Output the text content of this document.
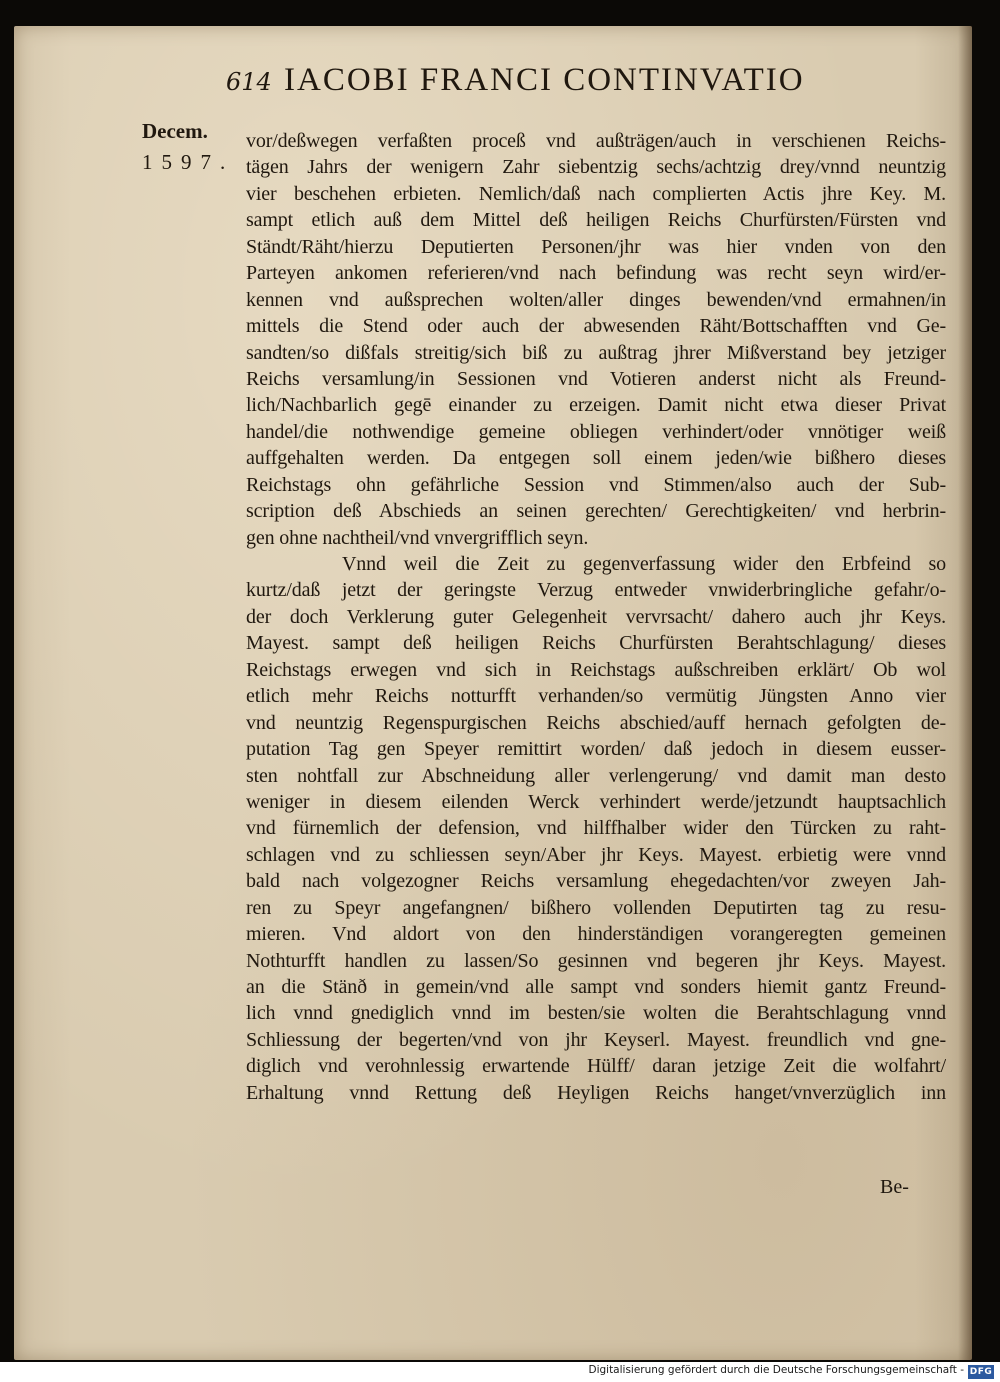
614 IACOBI FRANCI CONTINVATIO
Decem.
1597.
vor/deßwegen verfaßten proceß vnd außträgen/auch in verschienen Reichs-
tägen Jahrs der wenigern Zahr siebentzig sechs/achtzig drey/vnnd neuntzig
vier beschehen erbieten. Nemlich/daß nach complierten Actis jhre Key. M.
sampt etlich auß dem Mittel deß heiligen Reichs Churfürsten/Fürsten vnd
Ständt/Räht/hierzu Deputierten Personen/jhr was hier vnden von den
Parteyen ankomen referieren/vnd nach befindung was recht seyn wird/er-
kennen vnd außsprechen wolten/aller dinges bewenden/vnd ermahnen/in
mittels die Stend oder auch der abwesenden Räht/Bottschafften vnd Ge-
sandten/so dißfals streitig/sich biß zu außtrag jhrer Mißverstand bey jetziger
Reichs versamlung/in Sessionen vnd Votieren anderst nicht als Freund-
lich/Nachbarlich gegē einander zu erzeigen. Damit nicht etwa dieser Privat
handel/die nothwendige gemeine obliegen verhindert/oder vnnötiger weiß
auffgehalten werden. Da entgegen soll einem jeden/wie bißhero dieses
Reichstags ohn gefährliche Session vnd Stimmen/also auch der Sub-
scription deß Abschieds an seinen gerechten/ Gerechtigkeiten/ vnd herbrin-
gen ohne nachtheil/vnd vnvergrifflich seyn.
Vnnd weil die Zeit zu gegenverfassung wider den Erbfeind so
kurtz/daß jetzt der geringste Verzug entweder vnwiderbringliche gefahr/o-
der doch Verklerung guter Gelegenheit vervrsacht/ dahero auch jhr Keys.
Mayest. sampt deß heiligen Reichs Churfürsten Berahtschlagung/ dieses
Reichstags erwegen vnd sich in Reichstags außschreiben erklärt/ Ob wol
etlich mehr Reichs notturfft verhanden/so vermütig Jüngsten Anno vier
vnd neuntzig Regenspurgischen Reichs abschied/auff hernach gefolgten de-
putation Tag gen Speyer remittirt worden/ daß jedoch in diesem eusser-
sten nohtfall zur Abschneidung aller verlengerung/ vnd damit man desto
weniger in diesem eilenden Werck verhindert werde/jetzundt hauptsachlich
vnd fürnemlich der defension, vnd hilffhalber wider den Türcken zu raht-
schlagen vnd zu schliessen seyn/Aber jhr Keys. Mayest. erbietig were vnnd
bald nach volgezogner Reichs versamlung ehegedachten/vor zweyen Jah-
ren zu Speyr angefangnen/ bißhero vollenden Deputirten tag zu resu-
mieren. Vnd aldort von den hinderständigen vorangeregten gemeinen
Nothturfft handlen zu lassen/So gesinnen vnd begeren jhr Keys. Mayest.
an die Stänð in gemein/vnd alle sampt vnd sonders hiemit gantz Freund-
lich vnnd gnediglich vnnd im besten/sie wolten die Berahtschlagung vnnd
Schliessung der begerten/vnd von jhr Keyserl. Mayest. freundlich vnd gne-
diglich vnd verohnlessig erwartende Hülff/ daran jetzige Zeit die wolfahrt/
Erhaltung vnnd Rettung deß Heyligen Reichs hanget/vnverzüglich inn
Be-
Digitalisierung gefördert durch die Deutsche Forschungsgemeinschaft - DFG
